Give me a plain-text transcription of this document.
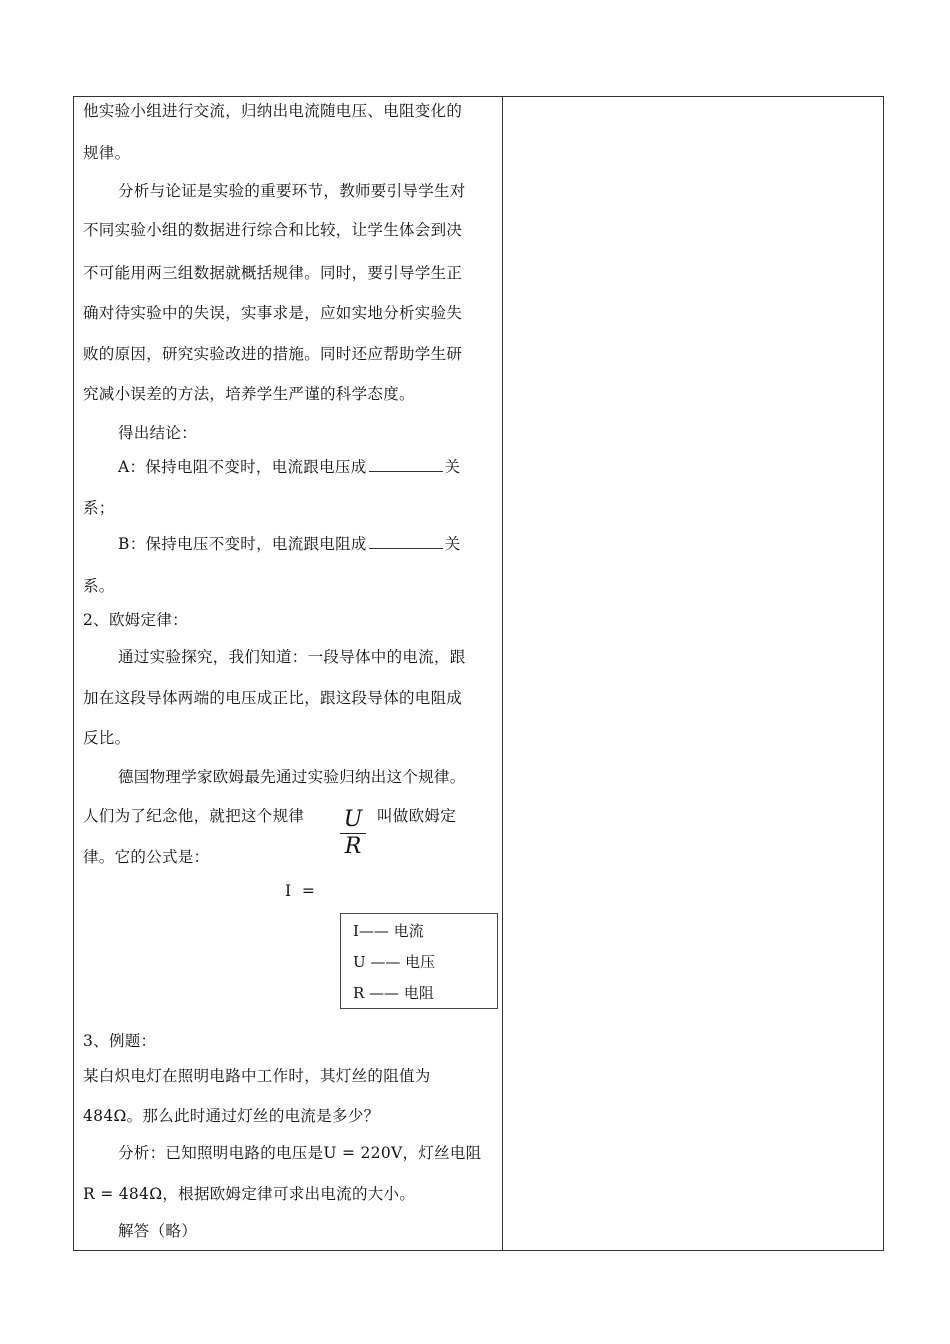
他实验小组进行交流，归纳出电流随电压、电阻变化的
规律。
分析与论证是实验的重要环节，教师要引导学生对
不同实验小组的数据进行综合和比较，让学生体会到决
不可能用两三组数据就概括规律。同时，要引导学生正
确对待实验中的失误，实事求是，应如实地分析实验失
败的原因，研究实验改进的措施。同时还应帮助学生研
究减小误差的方法，培养学生严谨的科学态度。
得出结论：
A：保持电阻不变时，电流跟电压成	关
系；
B：保持电压不变时，电流跟电阻成	关
系。
2、欧姆定律：
通过实验探究，我们知道：一段导体中的电流，跟
加在这段导体两端的电压成正比，跟这段导体的电阻成
反比。
德国物理学家欧姆最先通过实验归纳出这个规律。
人们为了纪念他，就把这个规律	叫做欧姆定
律。它的公式是：
U
R
I  =
I—— 电流
U —— 电压
R —— 电阻
3、例题：
某白炽电灯在照明电路中工作时，其灯丝的阻值为
484Ω。那么此时通过灯丝的电流是多少？
分析：已知照明电路的电压是U = 220V，灯丝电阻
R = 484Ω，根据欧姆定律可求出电流的大小。
解答（略）
